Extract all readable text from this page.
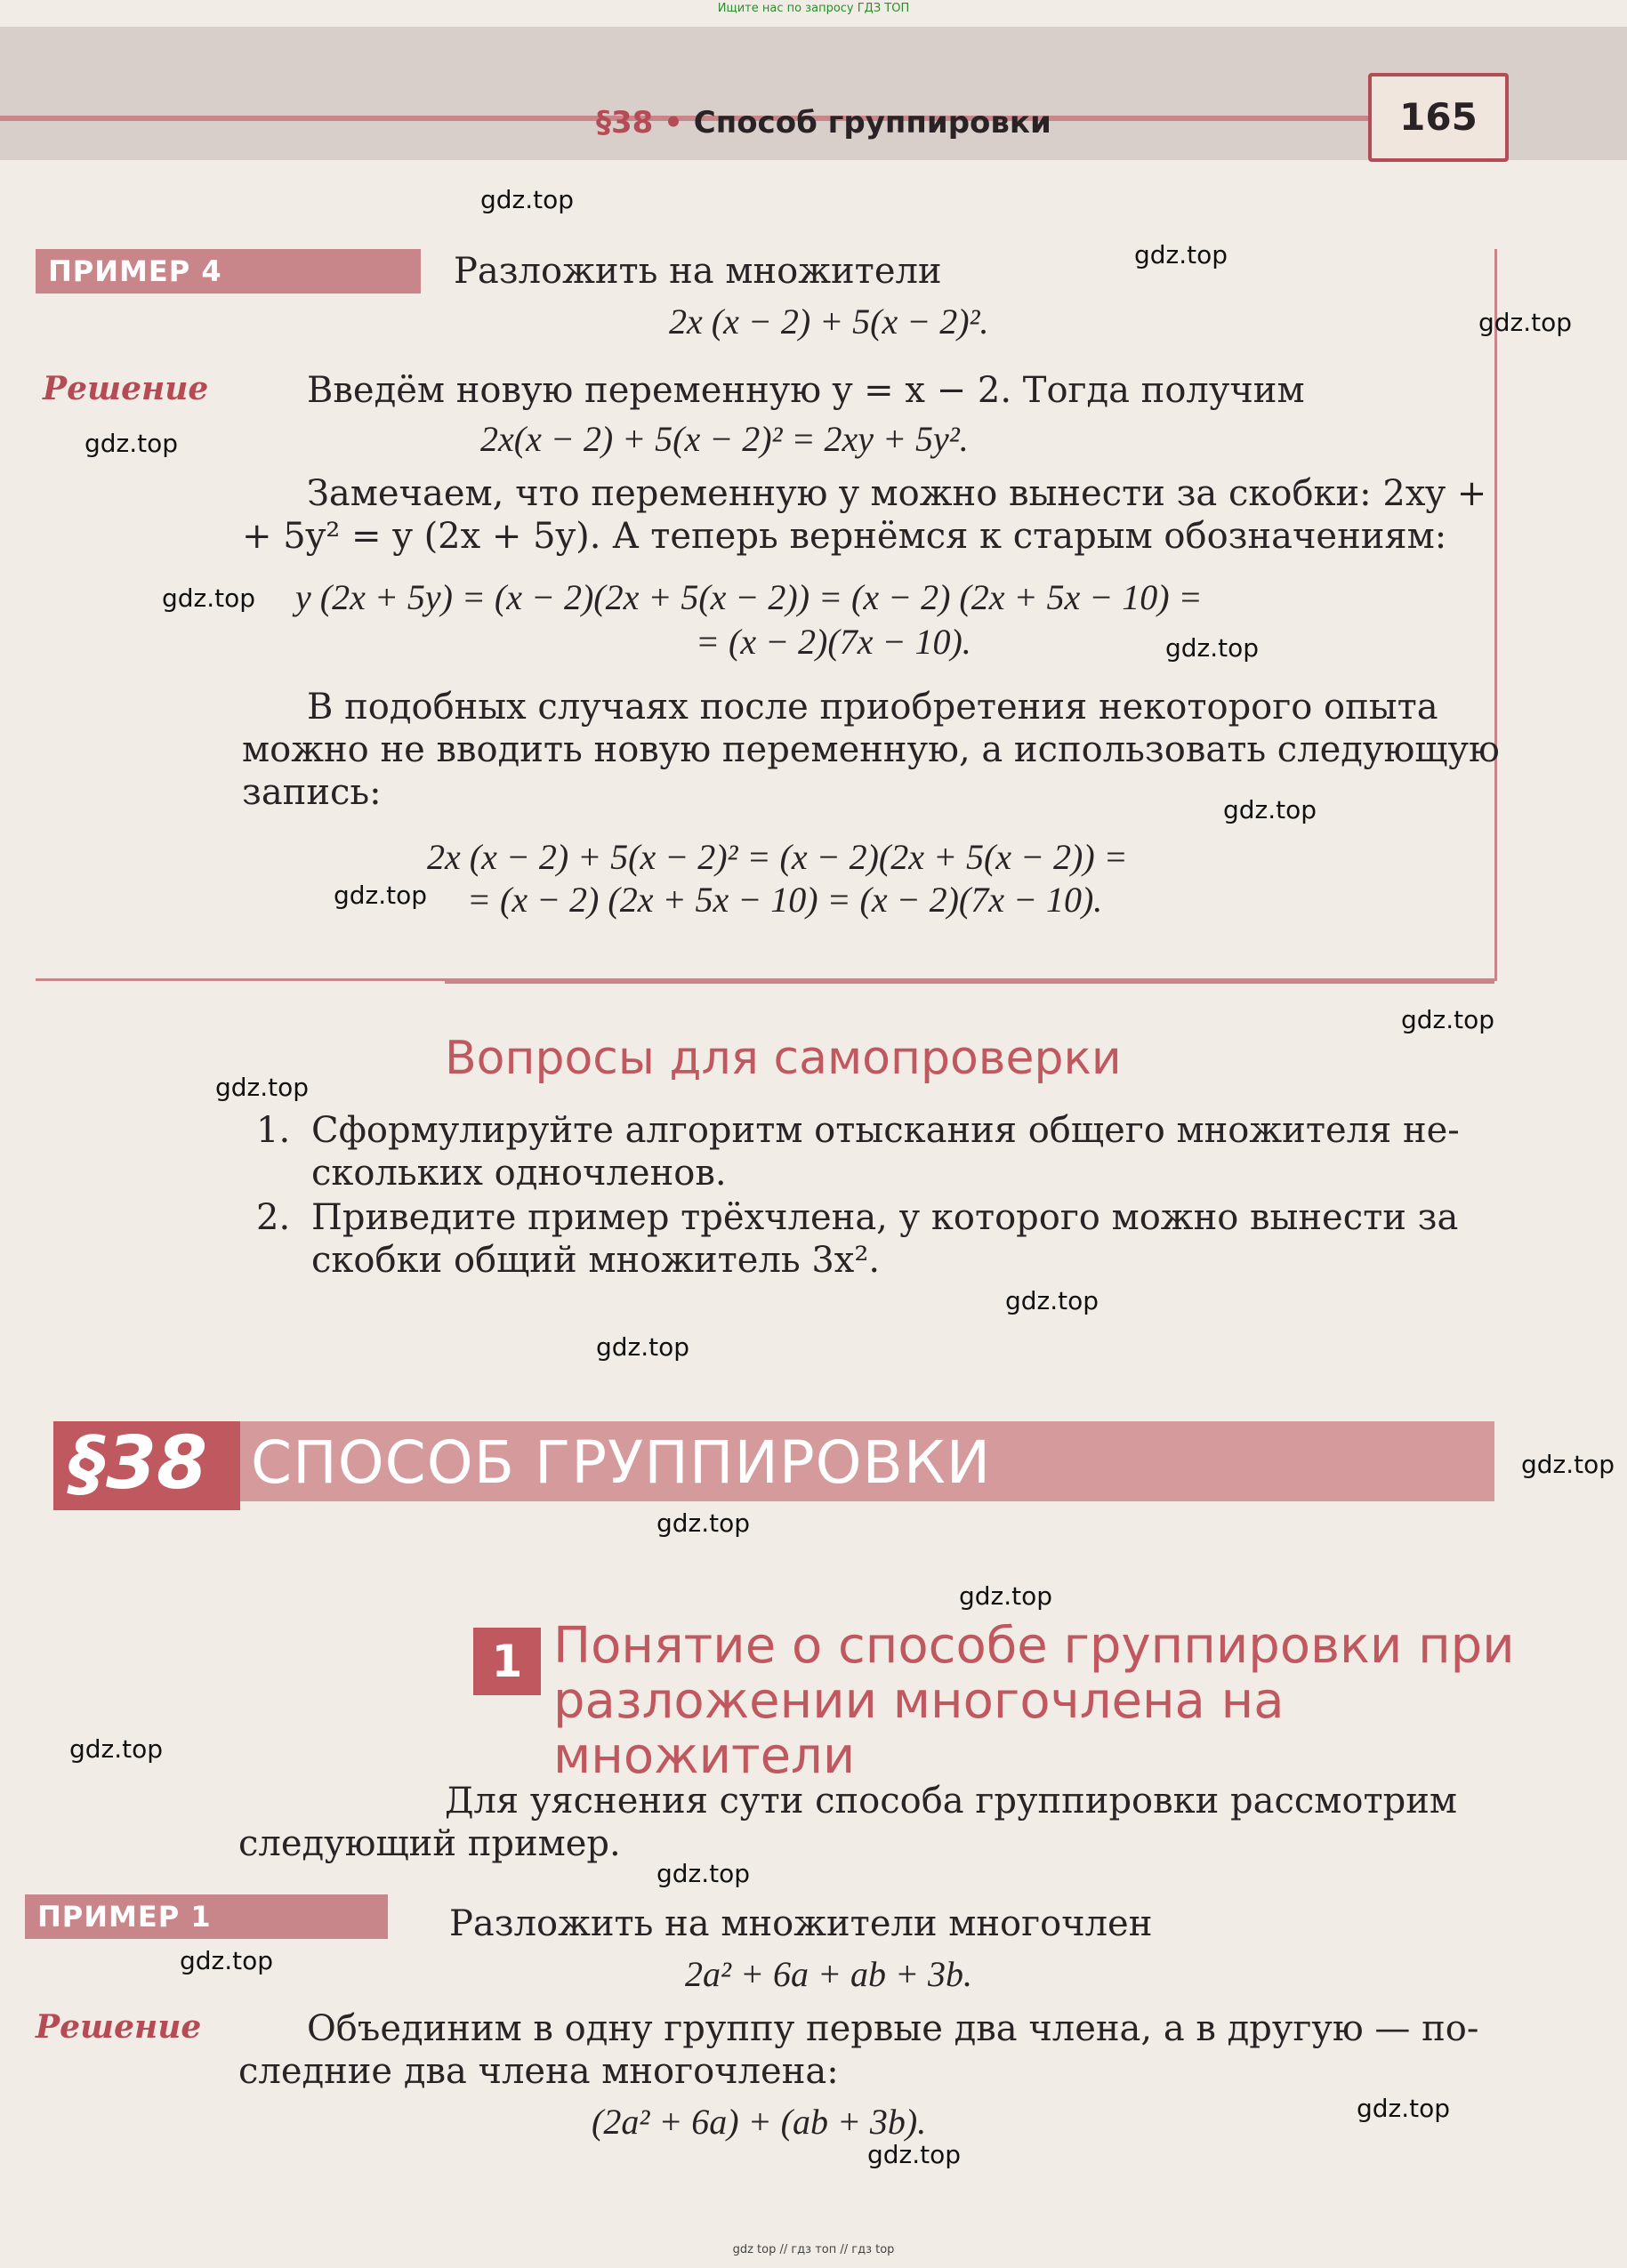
Ищите нас по запросу ГДЗ ТОП
§38 • Способ группировки	165
ПРИМЕР 4	Разложить на множители
2x (x − 2) + 5(x − 2)².
Решение	Введём новую переменную y = x − 2. Тогда получим
2x(x − 2) + 5(x − 2)² = 2xy + 5y².
Замечаем, что переменную y можно вынести за скобки: 2xy +
+ 5y² = y (2x + 5y). А теперь вернёмся к старым обозначениям:
y (2x + 5y) = (x − 2)(2x + 5(x − 2)) = (x − 2) (2x + 5x − 10) =
= (x − 2)(7x − 10).
В подобных случаях после приобретения некоторого опыта
можно не вводить новую переменную, а использовать следующую
запись:
2x (x − 2) + 5(x − 2)² = (x − 2)(2x + 5(x − 2)) =
= (x − 2) (2x + 5x − 10) = (x − 2)(7x − 10).
Вопросы для самопроверки
1. Сформулируйте алгоритм отыскания общего множителя не-
скольких одночленов.
2. Приведите пример трёхчлена, у которого можно вынести за
скобки общий множитель 3x².
§38 СПОСОБ ГРУППИРОВКИ
1 Понятие о способе группировки при
разложении многочлена на множители
Для уяснения сути способа группировки рассмотрим
следующий пример.
ПРИМЕР 1	Разложить на множители многочлен
2a² + 6a + ab + 3b.
Решение	Объединим в одну группу первые два члена, а в другую — по-
следние два члена многочлена:
(2a² + 6a) + (ab + 3b).
gdz.top
gdz.top
gdz.top
gdz.top
gdz.top
gdz.top
gdz.top
gdz.top
gdz.top
gdz.top
gdz.top
gdz.top
gdz.top
gdz.top
gdz.top
gdz.top
gdz.top
gdz.top
gdz.top
gdz.top
gdz top // гдз топ // гдз top
